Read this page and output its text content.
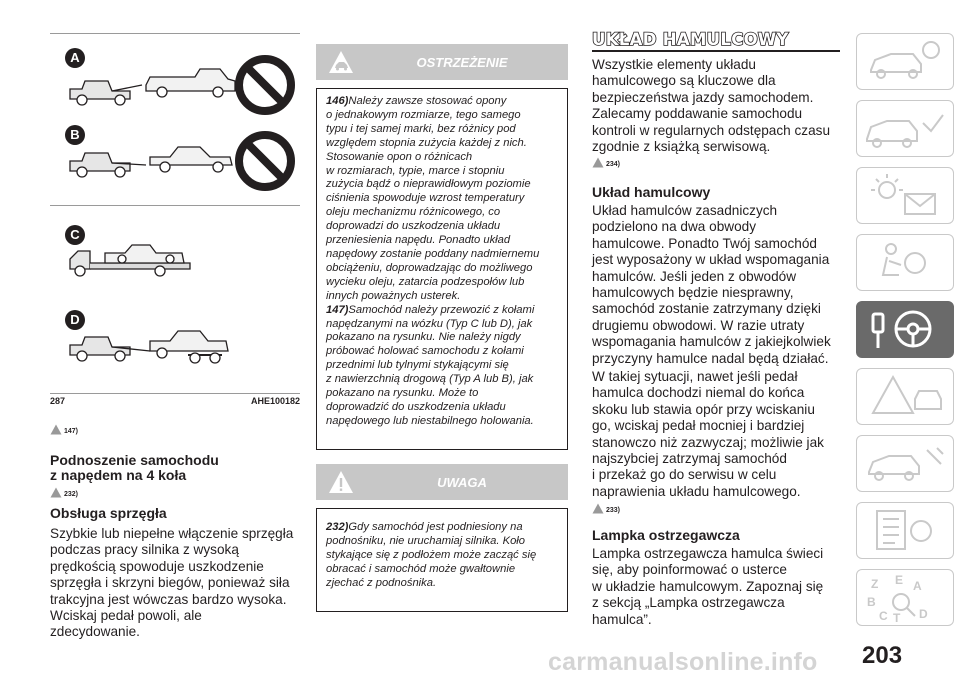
A
B
C
D
287	AHE100182
147)
Podnoszenie samochodu
z napędem na 4 koła
232)
Obsługa sprzęgła
Szybkie lub niepełne włączenie sprzęgła
podczas pracy silnika z wysoką
prędkością spowoduje uszkodzenie
sprzęgła i skrzyni biegów, ponieważ siła
trakcyjna jest wówczas bardzo wysoka.
Wciskaj pedał powoli, ale
zdecydowanie.
OSTRZEŻENIE
146)Należy zawsze stosować opony
o jednakowym rozmiarze, tego samego
typu i tej samej marki, bez różnicy pod
względem stopnia zużycia każdej z nich.
Stosowanie opon o różnicach
w rozmiarach, typie, marce i stopniu
zużycia bądź o nieprawidłowym poziomie
ciśnienia spowoduje wzrost temperatury
oleju mechanizmu różnicowego, co
doprowadzi do uszkodzenia układu
przeniesienia napędu. Ponadto układ
napędowy zostanie poddany nadmiernemu
obciążeniu, doprowadzając do możliwego
wycieku oleju, zatarcia podzespołów lub
innych poważnych usterek.
147)Samochód należy przewozić z kołami
napędzanymi na wózku (Typ C lub D), jak
pokazano na rysunku. Nie należy nigdy
próbować holować samochodu z kołami
przednimi lub tylnymi stykającymi się
z nawierzchnią drogową (Typ A lub B), jak
pokazano na rysunku. Może to
doprowadzić do uszkodzenia układu
napędowego lub niestabilnego holowania.
UWAGA
232)Gdy samochód jest podniesiony na
podnośniku, nie uruchamiaj silnika. Koło
stykające się z podłożem może zacząć się
obracać i samochód może gwałtownie
zjechać z podnośnika.
UKŁAD HAMULCOWY
Wszystkie elementy układu
hamulcowego są kluczowe dla
bezpieczeństwa jazdy samochodem.
Zalecamy poddawanie samochodu
kontroli w regularnych odstępach czasu
zgodnie z książką serwisową.
234)
Układ hamulcowy
Układ hamulców zasadniczych
podzielono na dwa obwody
hamulcowe. Ponadto Twój samochód
jest wyposażony w układ wspomagania
hamulców. Jeśli jeden z obwodów
hamulcowych będzie niesprawny,
samochód zostanie zatrzymany dzięki
drugiemu obwodowi. W razie utraty
wspomagania hamulców z jakiejkolwiek
przyczyny hamulce nadal będą działać.
W takiej sytuacji, nawet jeśli pedał
hamulca dochodzi niemal do końca
skoku lub stawia opór przy wciskaniu
go, wciskaj pedał mocniej i bardziej
stanowczo niż zazwyczaj; możliwie jak
najszybciej zatrzymaj samochód
i przekaż go do serwisu w celu
naprawienia układu hamulcowego.
233)
Lampka ostrzegawcza
Lampka ostrzegawcza hamulca świeci
się, aby poinformować o usterce
w układzie hamulcowym. Zapoznaj się
z sekcją „Lampka ostrzegawcza
hamulca”.
Z E
B
C T
A
D
carmanualsonline.info 203
